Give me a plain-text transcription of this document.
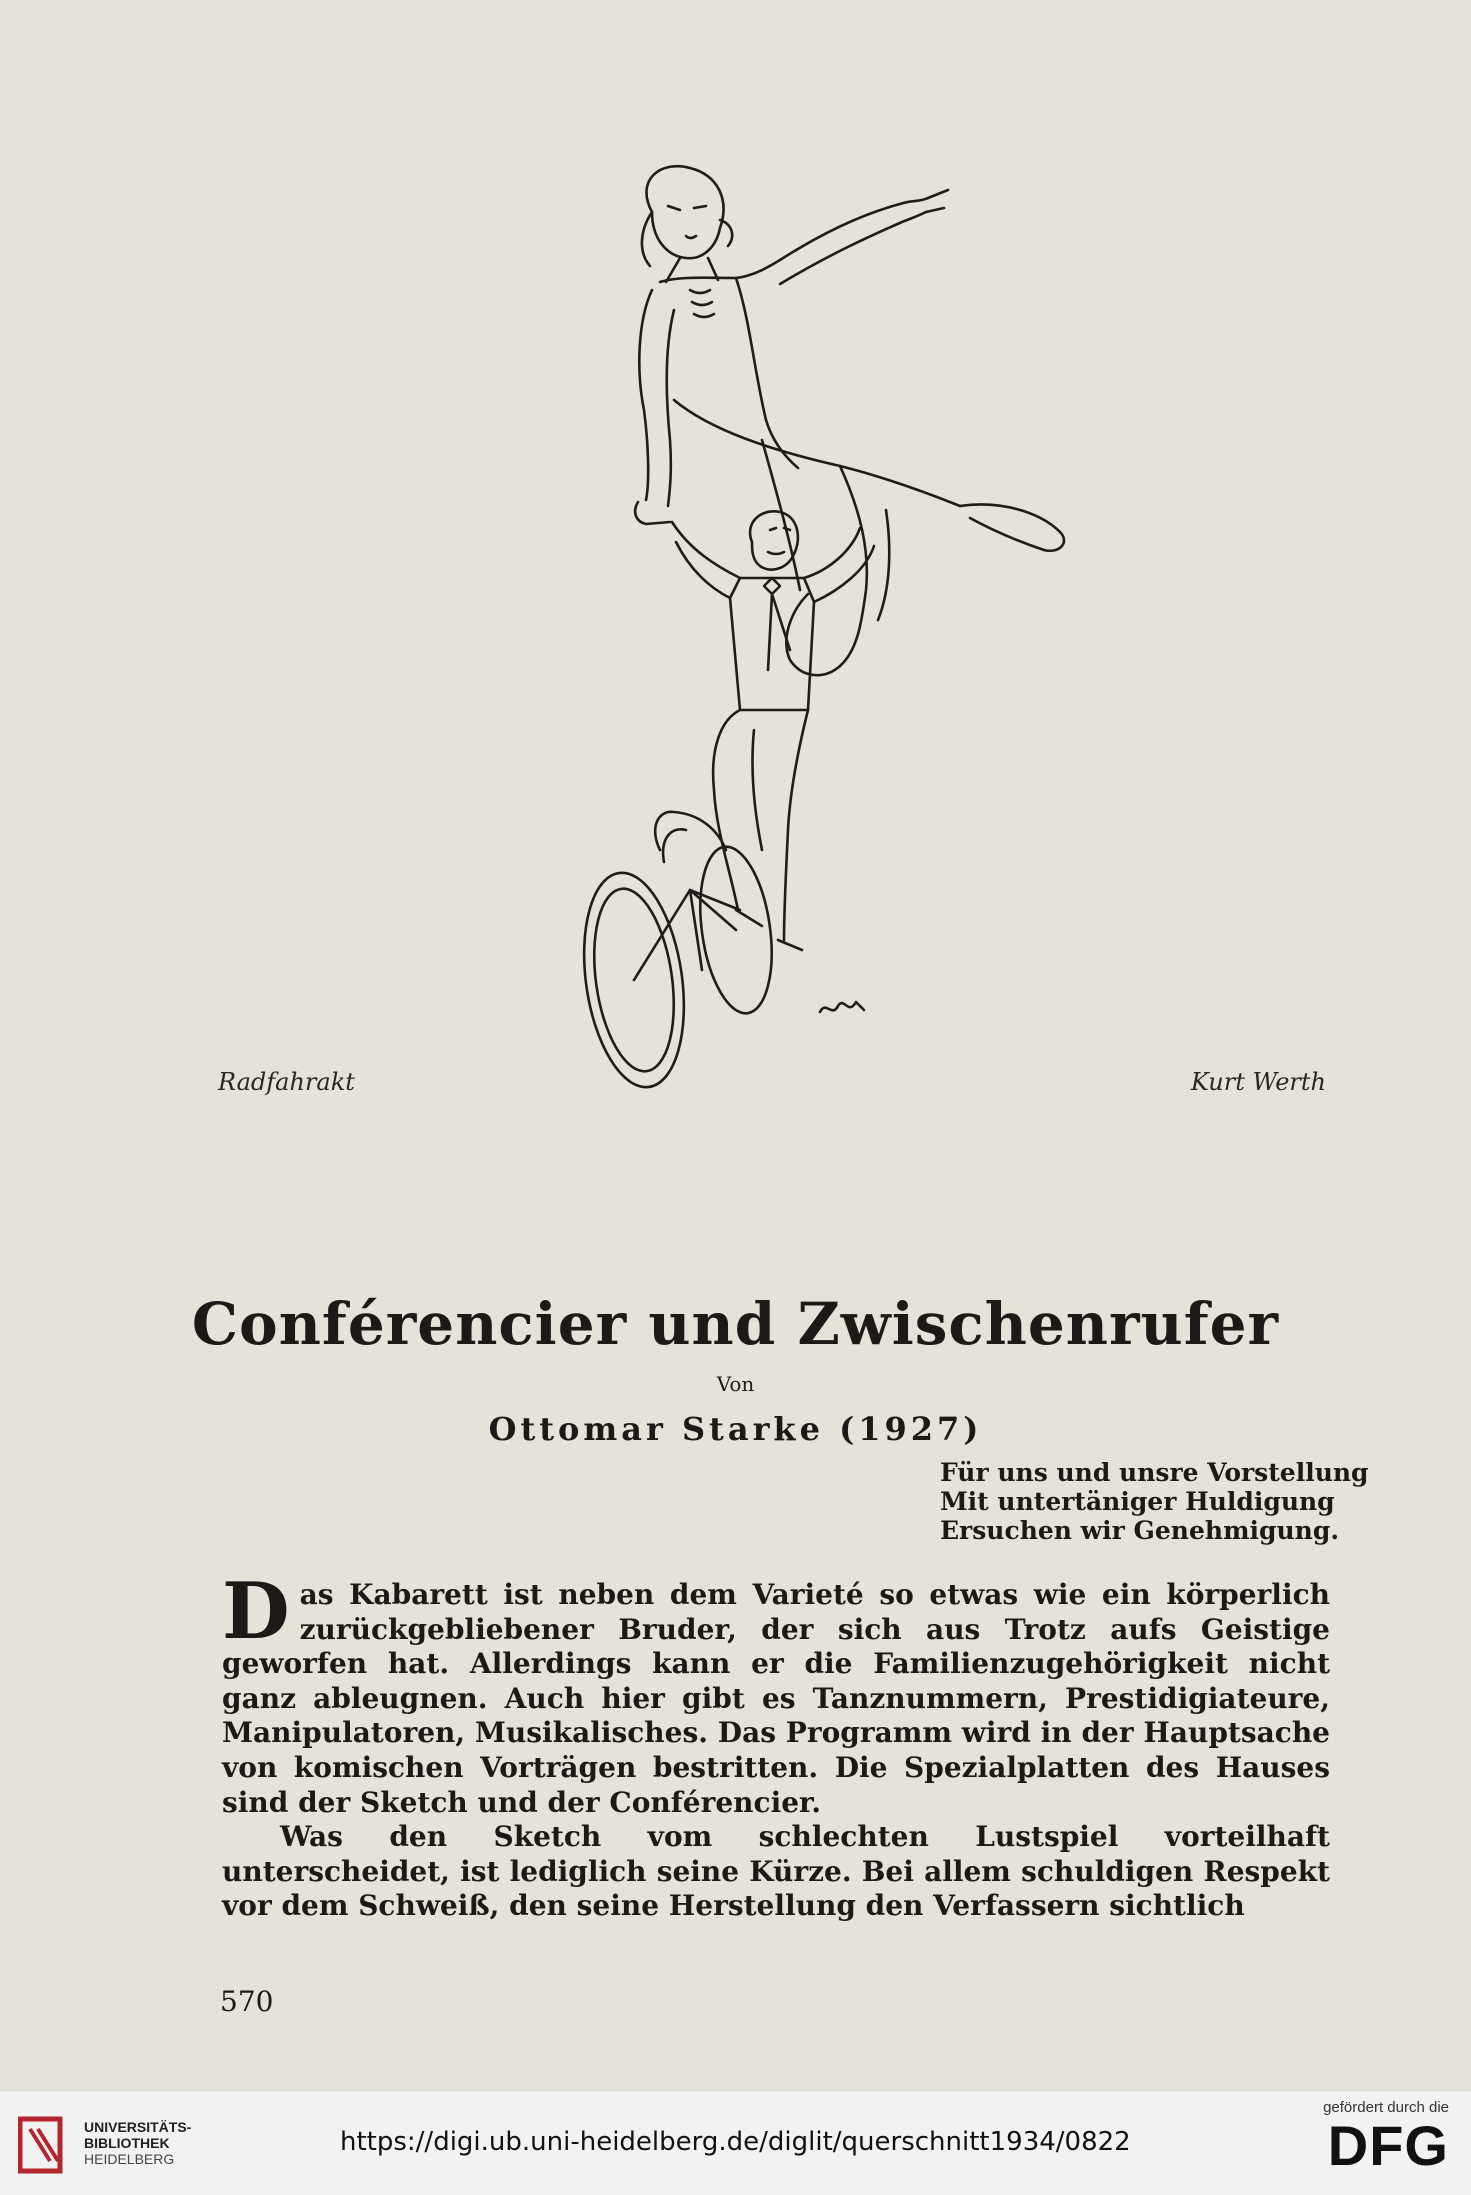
Radfahrakt	Kurt Werth
Conférencier und Zwischenrufer
Von
Ottomar Starke (1927)
Für uns und unsre Vorstellung
Mit untertäniger Huldigung
Ersuchen wir Genehmigung.

Das Kabarett ist neben dem Varieté so etwas wie ein körperlich zurückgebliebener Bruder, der sich aus Trotz aufs Geistige geworfen hat. Allerdings kann er die Familienzugehörigkeit nicht ganz ableugnen. Auch hier gibt es Tanznummern, Prestidigiateure, Manipulatoren, Musikalisches. Das Programm wird in der Hauptsache von komischen Vorträgen bestritten. Die Spezialplatten des Hauses sind der Sketch und der Conférencier.

Was den Sketch vom schlechten Lustspiel vorteilhaft unterscheidet, ist lediglich seine Kürze. Bei allem schuldigen Respekt vor dem Schweiß, den seine Herstellung den Verfassern sichtlich

570
UNIVERSITÄTS-
BIBLIOTHEK
HEIDELBERG
https://digi.ub.uni-heidelberg.de/diglit/querschnitt1934/0822
gefördert durch die
DFG
